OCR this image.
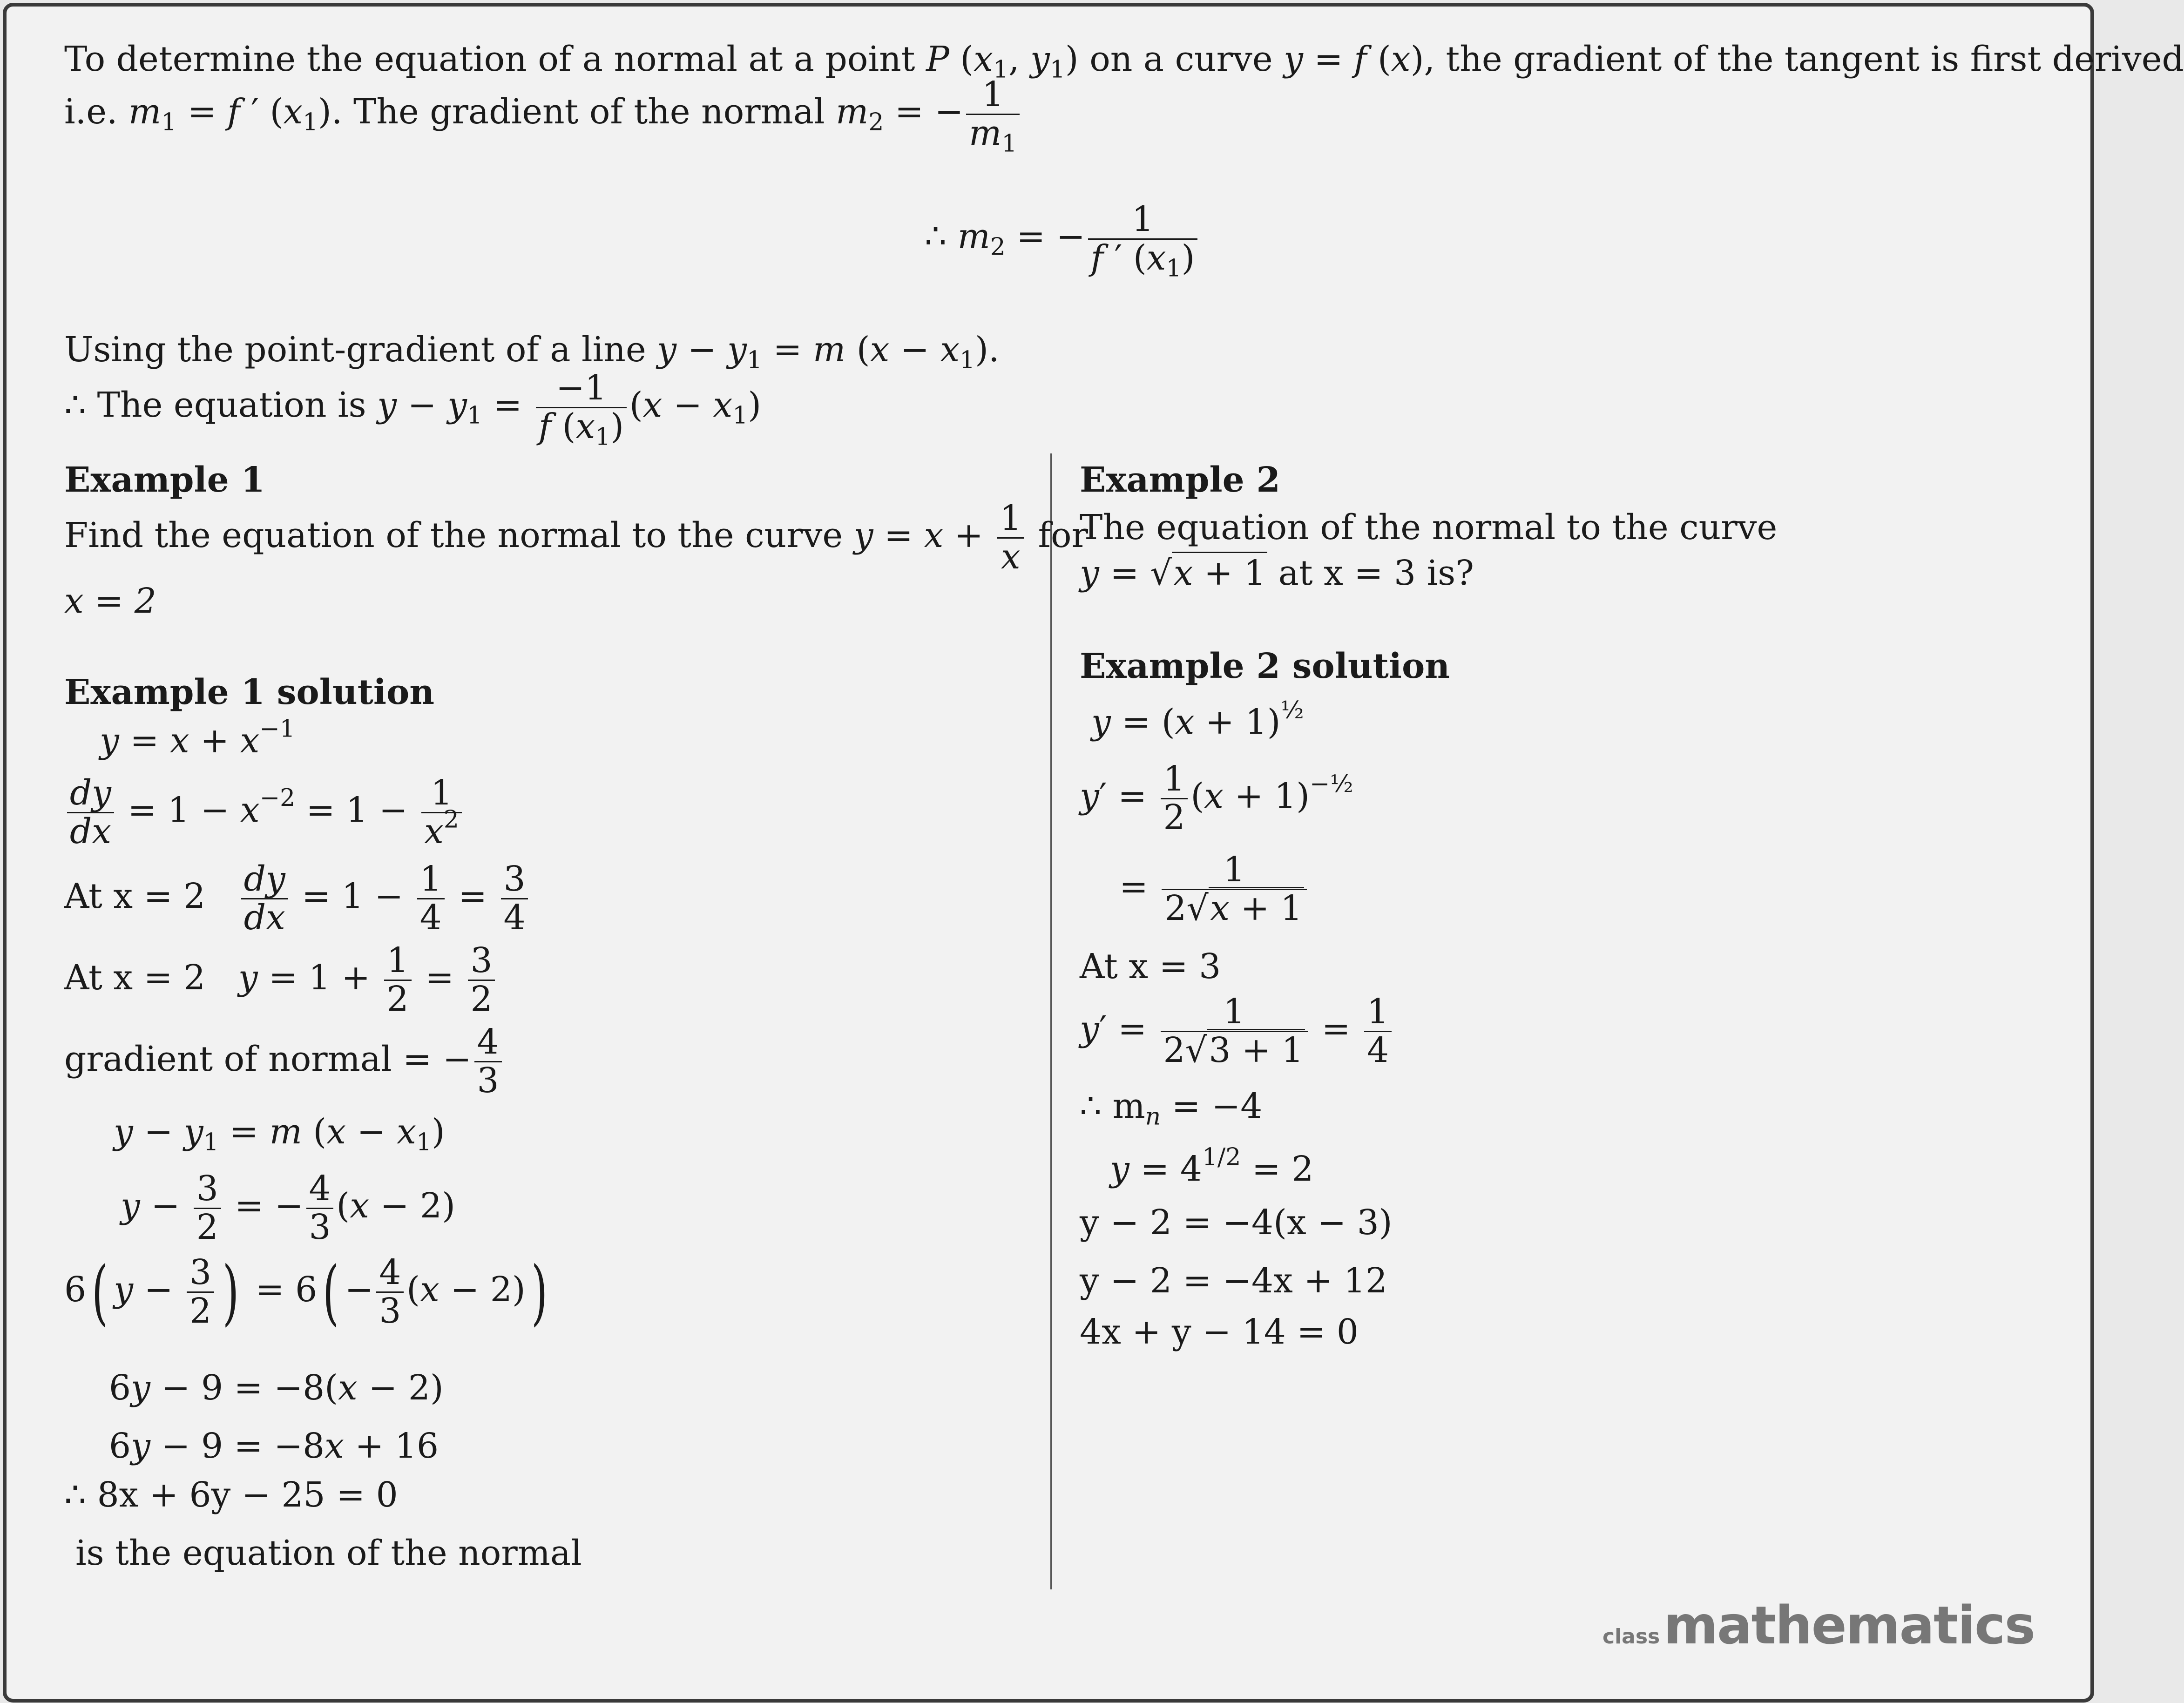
To determine the equation of a normal at a point P ($x_1$, $y_1$) on a curve y = f (x), the gradient of the tangent is first derived
i.e. $m_1 = f$ ′ $(x_1)$. The gradient of the normal $m_2$ = − $\frac{1}{m_1}$
∴ $m_2$ = − $\frac{1}{f ' (x_1)}$
Using the point-gradient of a line $y - y_1 = m$ $(x - x_1)$.
∴ The equation is $y - y_1 = \frac{-1}{f (x_1)} (x - x_1)$
Example 1
Find the equation of the normal to the curve $y = x + \frac{1}{x}$ for
x = 2
Example 1 solution
$y = x + x^{-1}$
$\frac{dy}{dx} = 1 - x^{-2} = 1 - \frac{1}{x^2}$
At $x = 2 \frac{dy}{dx} = 1 - \frac{1}{4} = \frac{3}{4}$
At x = 2 $y = 1 + \frac{1}{2} = \frac{3}{2}$
gradient of normal = − $\frac{4}{3}$
$y - y_1 = m$ $(x - x_1)$
$y - \frac{3}{2}$ = − $\frac{4}{3} (x - 2)$
6( $y - \frac{3}{2}$ ) = $6( - \frac{4}{3} (x - 2))$
6y − 9 = −8(x − 2)
6y − 9 = −8x + 16
∴ 8x + 6y − 25 = 0
is the equation of the normal
Example 2
The equation of the normal to the curve
y = √x + 1 at x = 3 is?
Example 2 solution
$y = (x + 1)^{\frac{1}{2}}$
$y' = \frac{1}{2} (x + 1)^{-\frac{1}{2}}$
= $\frac{1}{2√x + 1}$
At x = 3
$y' = \frac{1}{2√3 + 1} = \frac{1}{4}$
∴ $m_n = -4$
$y = 4^{1/2} = 2$
y − 2 = −4(x − 3)
y − 2 = −4x + 12
4x + y − 14 = 0
classmathematics
